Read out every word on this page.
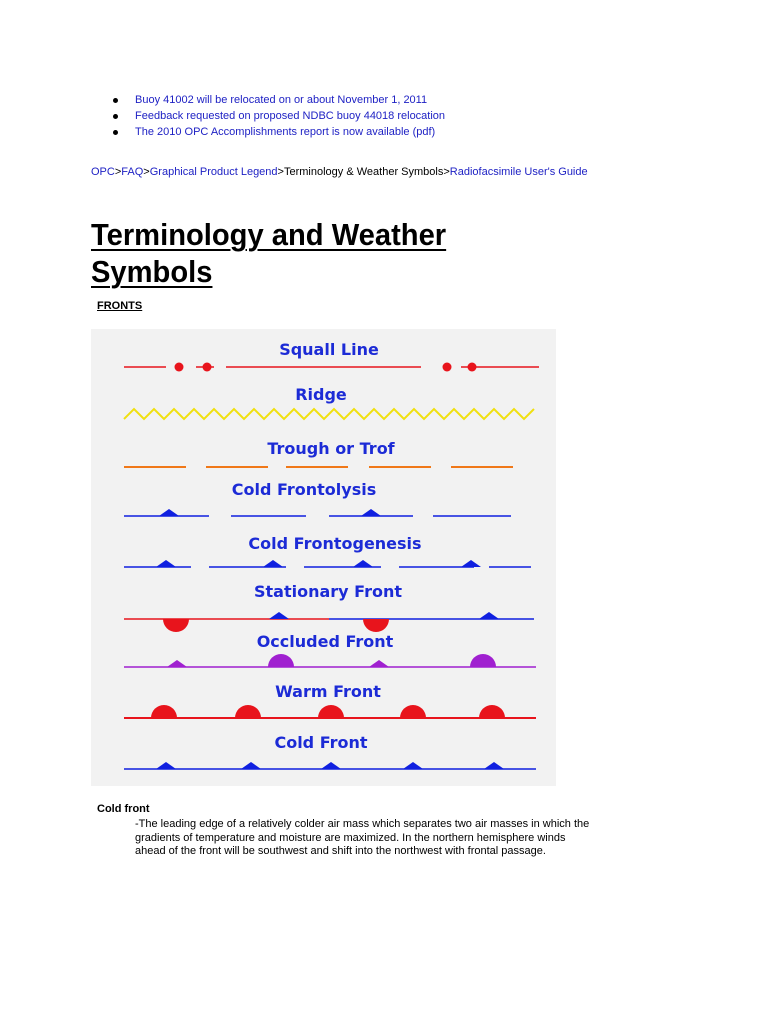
Buoy 41002 will be relocated on or about November 1, 2011
Feedback requested on proposed NDBC buoy 44018 relocation
The 2010 OPC Accomplishments report is now available (pdf)
OPC>FAQ>Graphical Product Legend>Terminology & Weather Symbols>Radiofacsimile User's Guide
Terminology and Weather Symbols
FRONTS
Squall Line
Ridge
Trough or Trof
Cold Frontolysis
Cold Frontogenesis
Stationary Front
Occluded Front
Warm Front
Cold Front
Cold front
-The leading edge of a relatively colder air mass which separates two air masses in which the gradients of temperature and moisture are maximized. In the northern hemisphere winds ahead of the front will be southwest and shift into the northwest with frontal passage.
